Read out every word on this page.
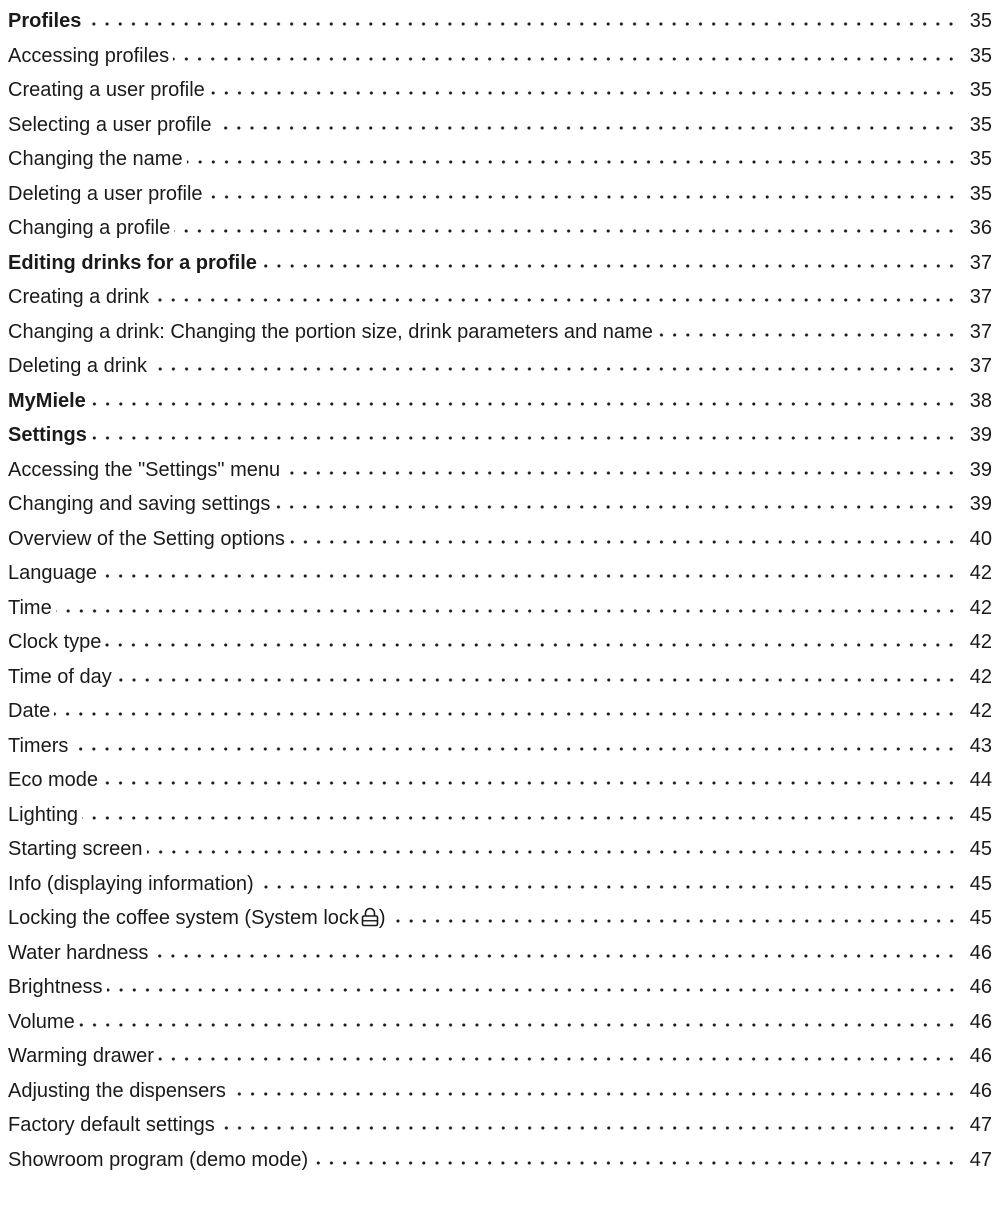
Profiles	35
Accessing profiles	35
Creating a user profile	35
Selecting a user profile	35
Changing the name	35
Deleting a user profile	35
Changing a profile	36
Editing drinks for a profile	37
Creating a drink	37
Changing a drink: Changing the portion size, drink parameters and name	37
Deleting a drink	37
MyMiele	38
Settings	39
Accessing the "Settings" menu	39
Changing and saving settings	39
Overview of the Setting options	40
Language	42
Time	42
Clock type	42
Time of day	42
Date	42
Timers	43
Eco mode	44
Lighting	45
Starting screen	45
Info (displaying information)	45
Locking the coffee system (System lock )	45
Water hardness	46
Brightness	46
Volume	46
Warming drawer	46
Adjusting the dispensers	46
Factory default settings	47
Showroom program (demo mode)	47
